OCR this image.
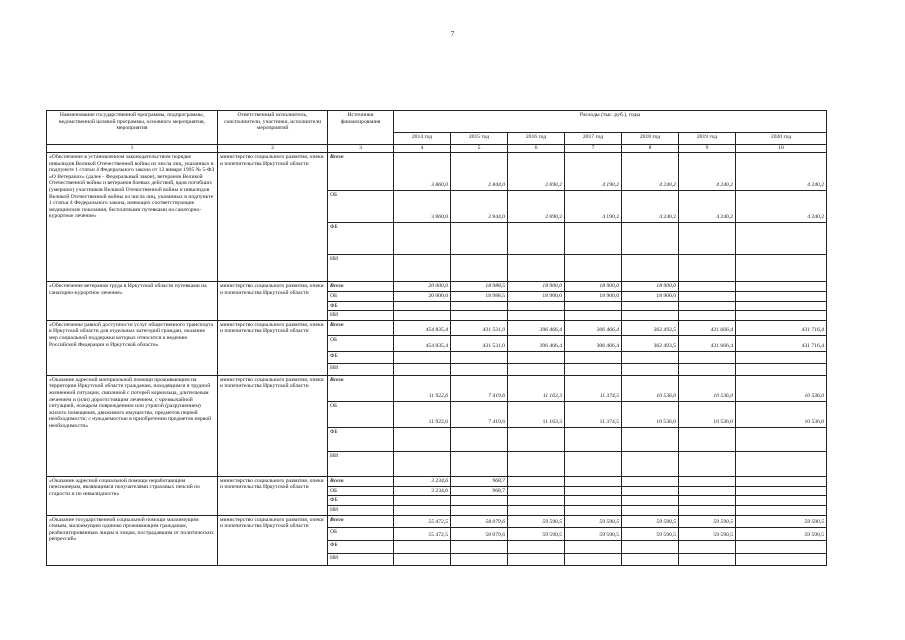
7
Наименование государственной программы, подпрограммы, ведомственной целевой программы, основного мероприятия, мероприятия	Ответственный исполнитель, соисполнители, участники, исполнители мероприятий	Источники финансирования	Расходы (тыс. руб.), годы						
			2014 год	2015 год	2016 год	2017 год	2018 год	2019 год	2020 год
1	2	3	4	5	6	7	8	9	10
«Обеспечение в установленном законодательством порядке инвалидов Великой Отечественной войны из числа лиц, указанных в подпункте 1 статьи 4 Федерального закона от 12 января 1995 № 5-ФЗ «О Ветеранах» (далее - Федеральный закон), ветеранов Великой Отечественной войны и ветеранов боевых действий, вдов погибших (умерших) участников Великой Отечественной войны и инвалидов Великой Отечественной войны из числа лиц, указанных в подпункте 1 статьи 4 Федерального закона, имеющих соответствующие медицинские показания, бесплатными путевками на санаторно-курортное лечение»	министерство социального развития, опеки и попечительства Иркутской области	Всего	3 860,0	2 844,0	2 690,2	4 190,2	4 240,2	4 240,2	4 240,2
		ОБ	3 860,0	2 844,0	2 690,2	4 190,2	4 240,2	4 240,2	4 240,2
		ФБ							
		ИИ							
«Обеспечение ветеранов труда в Иркутской области путевками на санаторно-курортное лечение»	министерство социального развития, опеки и попечительства Иркутской области	Всего	20 000,0	18 988,5	18 900,0	18 900,0	18 900,0		
		ОБ	20 000,0	18 988,5	18 900,0	18 900,0	18 900,0		
		ФБ							
		ИИ							
«Обеспечение равной доступности услуг общественного транспорта в Иркутской области для отдельных категорий граждан, оказание мер социальной поддержки которых относится к ведению Российской Федерации и Иркутской области»	министерство социального развития, опеки и попечительства Иркутской области	Всего	454 835,4	431 531,0	396 466,4	306 466,4	362 493,5	431 666,4	431 716,4
		ОБ	454 835,4	431 531,0	396 466,4	306 466,4	362 493,5	431 666,4	431 716,4
		ФБ							
		ИИ							
«Оказание адресной материальной помощи проживающим на территории Иркутской области гражданам, находящимся в трудной жизненной ситуации, связанной с потерей кормильца, длительным лечением и (или) дорогостоящим лечением, с чрезвычайной ситуацией, пожаром повреждением или утратой (разрушением) жилого помещения, движимого имущества, предметов первой необходимости; с нуждаемостью в приобретении предметов первой необходимости»	министерство социального развития, опеки и попечительства Иркутской области	Всего	11 922,6	7 419,6	11 163,3	11 374,5	10 536,0	10 536,0	10 536,0
		ОБ	11 922,6	7 419,6	11 163,3	11 374,5	10 536,0	10 536,0	10 536,0
		ФБ							
		ИИ							
«Оказание адресной социальной помощи неработающим пенсионерам, являющимся получателями страховых пенсий по старости и по инвалидности»	министерство социального развития, опеки и попечительства Иркутской области	Всего	3 234,6	968,7					
		ОБ	3 234,6	968,7					
		ФБ							
		ИИ							
«Оказание государственной социальной помощи малоимущим семьям, малоимущим одиноко проживающим гражданам, реабилитированным лицам и лицам, пострадавшим от политических репрессий»	министерство социального развития, опеки и попечительства Иркутской области	Всего	55 472,5	58 079,6	59 590,5	59 590,5	59 590,5	59 590,5	59 590,5
		ОБ	55 472,5	58 079,6	59 590,5	59 590,5	59 590,5	59 590,5	59 590,5
		ФБ							
		ИИ							
